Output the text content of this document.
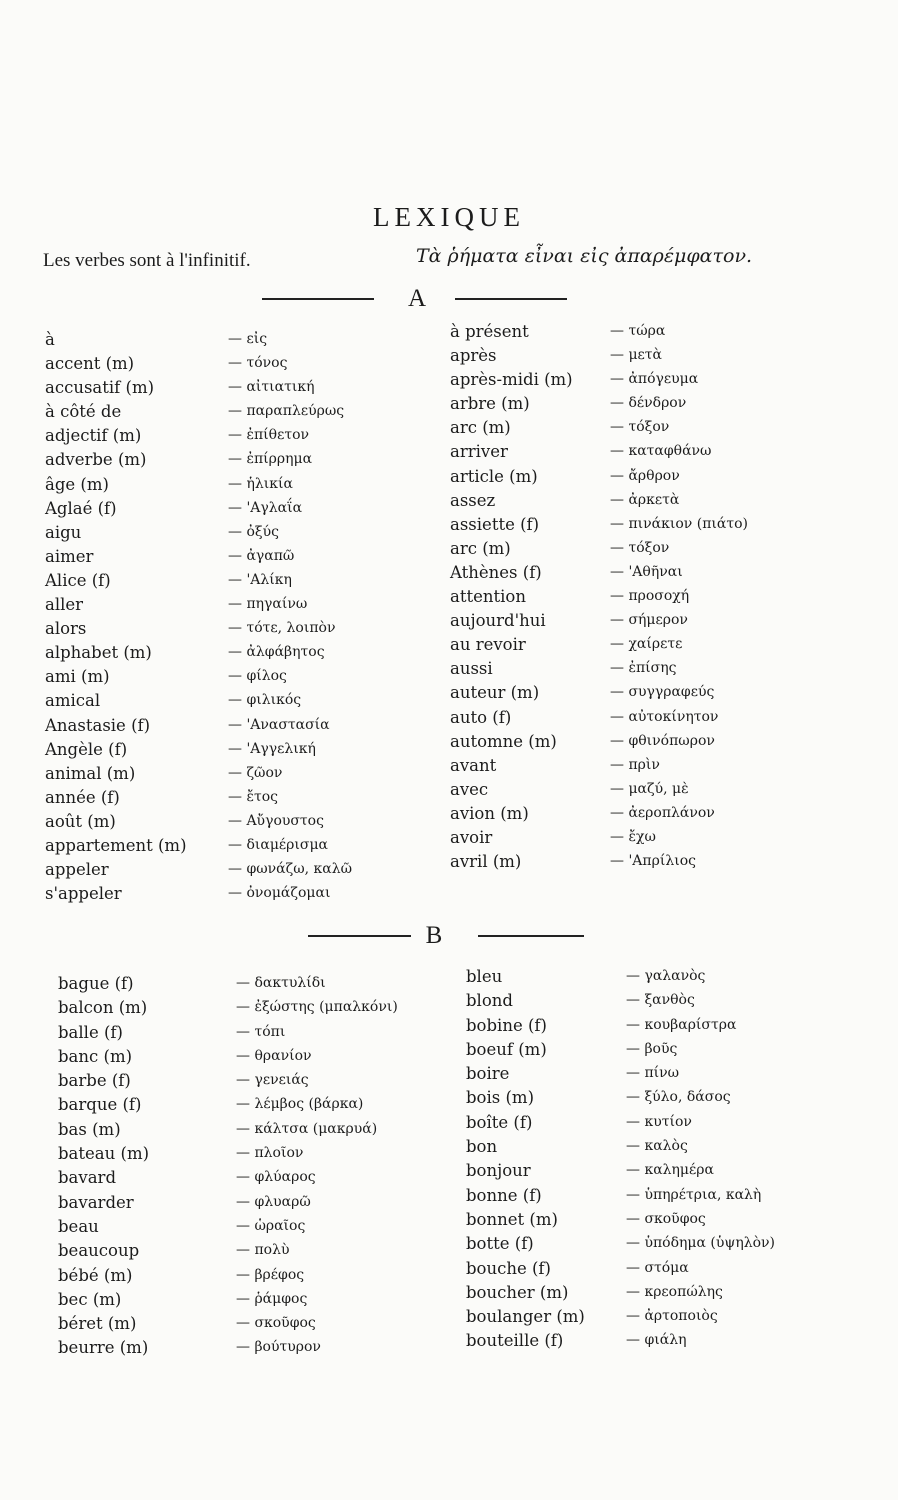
LEXIQUE
Les verbes sont à l'infinitif.	Τὰ ῥήματα εἶναι εἰς ἀπαρέμφατον.
A
à	— εἰς
accent (m)	— τόνος
accusatif (m)	— αἰτιατική
à côté de	— παραπλεύρως
adjectif (m)	— ἐπίθετον
adverbe (m)	— ἐπίρρημα
âge (m)	— ἡλικία
Aglaé (f)	— 'Αγλαΐα
aigu	— ὀξύς
aimer	— ἀγαπῶ
Alice (f)	— 'Αλίκη
aller	— πηγαίνω
alors	— τότε, λοιπὸν
alphabet (m)	— ἀλφάβητος
ami (m)	— φίλος
amical	— φιλικός
Anastasie (f)	— 'Αναστασία
Angèle (f)	— 'Αγγελική
animal (m)	— ζῶον
année (f)	— ἔτος
août (m)	— Αὔγουστος
appartement (m)	— διαμέρισμα
appeler	— φωνάζω, καλῶ
s'appeler	— ὀνομάζομαι
à présent	— τώρα
après	— μετὰ
après-midi (m)	— ἀπόγευμα
arbre (m)	— δένδρον
arc (m)	— τόξον
arriver	— καταφθάνω
article (m)	— ἄρθρον
assez	— ἀρκετὰ
assiette (f)	— πινάκιον (πιάτο)
arc (m)	— τόξον
Athènes (f)	— 'Αθῆναι
attention	— προσοχή
aujourd'hui	— σήμερον
au revoir	— χαίρετε
aussi	— ἐπίσης
auteur (m)	— συγγραφεύς
auto (f)	— αὐτοκίνητον
automne (m)	— φθινόπωρον
avant	— πρὶν
avec	— μαζύ, μὲ
avion (m)	— ἀεροπλάνον
avoir	— ἔχω
avril (m)	— 'Απρίλιος
B
bague (f)	— δακτυλίδι
balcon (m)	— ἐξώστης (μπαλκόνι)
balle (f)	— τόπι
banc (m)	— θρανίον
barbe (f)	— γενειάς
barque (f)	— λέμβος (βάρκα)
bas (m)	— κάλτσα (μακρυά)
bateau (m)	— πλοῖον
bavard	— φλύαρος
bavarder	— φλυαρῶ
beau	— ὡραῖος
beaucoup	— πολὺ
bébé (m)	— βρέφος
bec (m)	— ῥάμφος
béret (m)	— σκοῦφος
beurre (m)	— βούτυρον
bleu	— γαλανὸς
blond	— ξανθὸς
bobine (f)	— κουβαρίστρα
boeuf (m)	— βοῦς
boire	— πίνω
bois (m)	— ξύλο, δάσος
boîte (f)	— κυτίον
bon	— καλὸς
bonjour	— καλημέρα
bonne (f)	— ὑπηρέτρια, καλὴ
bonnet (m)	— σκοῦφος
botte (f)	— ὑπόδημα (ὑψηλὸν)
bouche (f)	— στόμα
boucher (m)	— κρεοπώλης
boulanger (m)	— ἀρτοποιὸς
bouteille (f)	— φιάλη
